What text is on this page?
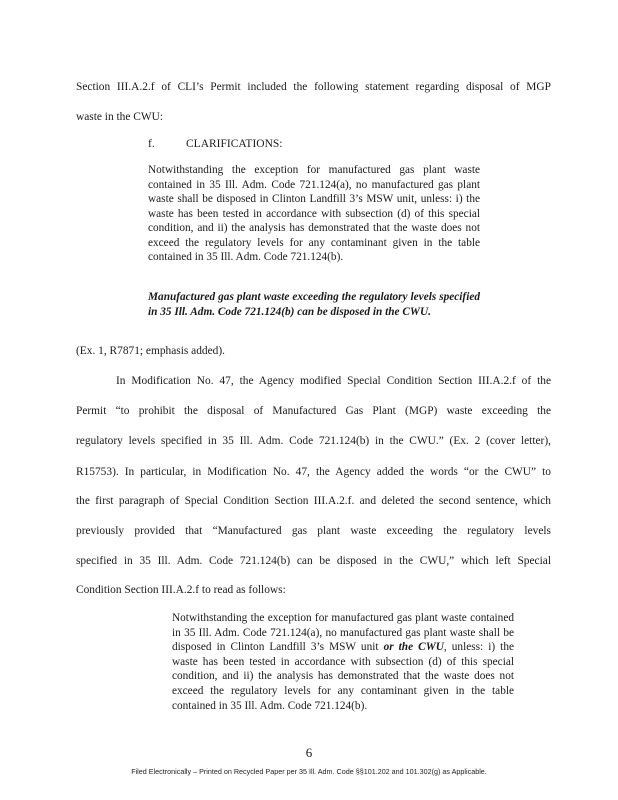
Section III.A.2.f of CLI’s Permit included the following statement regarding disposal of MGP
waste in the CWU:
f.	CLARIFICATIONS:
Notwithstanding the exception for manufactured gas plant waste contained in 35 Ill. Adm. Code 721.124(a), no manufactured gas plant waste shall be disposed in Clinton Landfill 3’s MSW unit, unless: i) the waste has been tested in accordance with subsection (d) of this special condition, and ii) the analysis has demonstrated that the waste does not exceed the regulatory levels for any contaminant given in the table contained in 35 Ill. Adm. Code 721.124(b).
Manufactured gas plant waste exceeding the regulatory levels specified in 35 Ill. Adm. Code 721.124(b) can be disposed in the CWU.
(Ex. 1, R7871; emphasis added).
In Modification No. 47, the Agency modified Special Condition Section III.A.2.f of the
Permit “to prohibit the disposal of Manufactured Gas Plant (MGP) waste exceeding the
regulatory levels specified in 35 Ill. Adm. Code 721.124(b) in the CWU.” (Ex. 2 (cover letter),
R15753). In particular, in Modification No. 47, the Agency added the words “or the CWU” to
the first paragraph of Special Condition Section III.A.2.f. and deleted the second sentence, which
previously provided that “Manufactured gas plant waste exceeding the regulatory levels
specified in 35 Ill. Adm. Code 721.124(b) can be disposed in the CWU,” which left Special
Condition Section III.A.2.f to read as follows:
Notwithstanding the exception for manufactured gas plant waste contained in 35 Ill. Adm. Code 721.124(a), no manufactured gas plant waste shall be disposed in Clinton Landfill 3’s MSW unit or the CWU, unless: i) the waste has been tested in accordance with subsection (d) of this special condition, and ii) the analysis has demonstrated that the waste does not exceed the regulatory levels for any contaminant given in the table contained in 35 Ill. Adm. Code 721.124(b).
6
Filed Electronically – Printed on Recycled Paper per 35 Ill. Adm. Code §§101.202 and 101.302(g) as Applicable.
